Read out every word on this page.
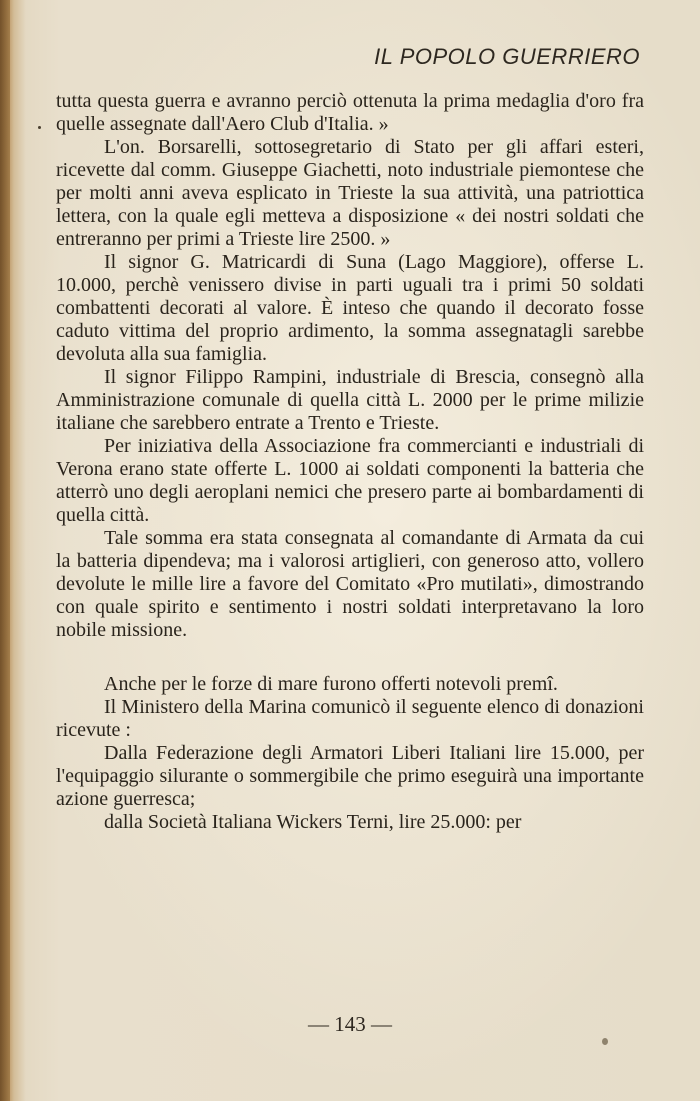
IL POPOLO GUERRIERO

tutta questa guerra e avranno perciò ottenuta la prima medaglia d'oro fra quelle assegnate dall'Aero Club d'Italia. »

L'on. Borsarelli, sottosegretario di Stato per gli affari esteri, ricevette dal comm. Giuseppe Giachetti, noto industriale piemontese che per molti anni aveva esplicato in Trieste la sua attività, una patriottica lettera, con la quale egli metteva a disposizione « dei nostri soldati che entreranno per primi a Trieste lire 2500. »

Il signor G. Matricardi di Suna (Lago Maggiore), offerse L. 10.000, perchè venissero divise in parti uguali tra i primi 50 soldati combattenti decorati al valore. È inteso che quando il decorato fosse caduto vittima del proprio ardimento, la somma assegnatagli sarebbe devoluta alla sua famiglia.

Il signor Filippo Rampini, industriale di Brescia, consegnò alla Amministrazione comunale di quella città L. 2000 per le prime milizie italiane che sarebbero entrate a Trento e Trieste.

Per iniziativa della Associazione fra commercianti e industriali di Verona erano state offerte L. 1000 ai soldati componenti la batteria che atterrò uno degli aeroplani nemici che presero parte ai bombardamenti di quella città.

Tale somma era stata consegnata al comandante di Armata da cui la batteria dipendeva; ma i valorosi artiglieri, con generoso atto, vollero devolute le mille lire a favore del Comitato «Pro mutilati», dimostrando con quale spirito e sentimento i nostri soldati interpretavano la loro nobile missione.

Anche per le forze di mare furono offerti notevoli premî.

Il Ministero della Marina comunicò il seguente elenco di donazioni ricevute :

Dalla Federazione degli Armatori Liberi Italiani lire 15.000, per l'equipaggio silurante o sommergibile che primo eseguirà una importante azione guerresca;

dalla Società Italiana Wickers Terni, lire 25.000: per

— 143 —
